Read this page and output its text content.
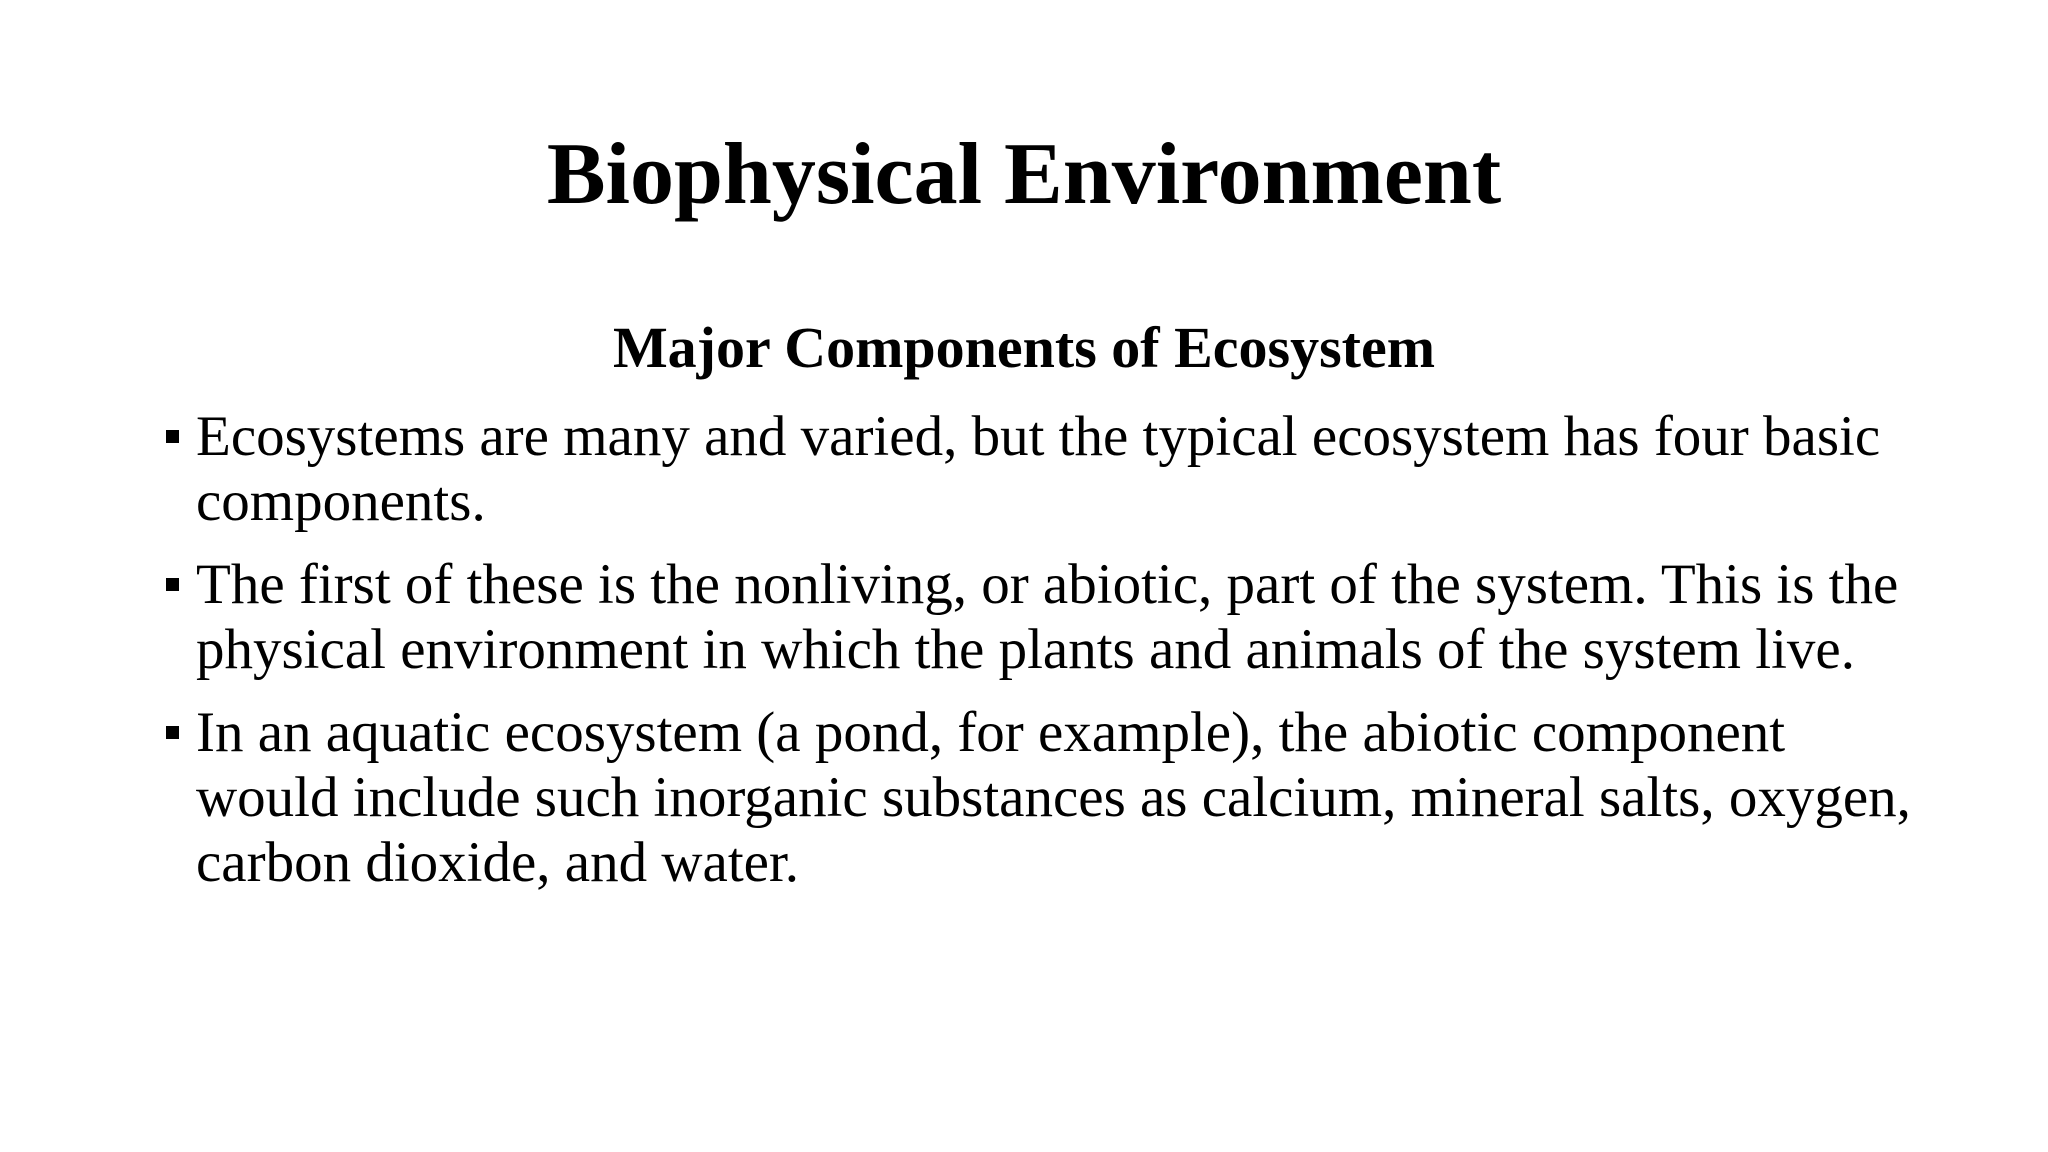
Biophysical Environment
Major Components of Ecosystem
Ecosystems are many and varied, but the typical ecosystem has four basic components.
The first of these is the nonliving, or abiotic, part of the system. This is the physical environment in which the plants and animals of the system live.
In an aquatic ecosystem (a pond, for example), the abiotic component would include such inorganic substances as calcium, mineral salts, oxygen, carbon dioxide, and water.
